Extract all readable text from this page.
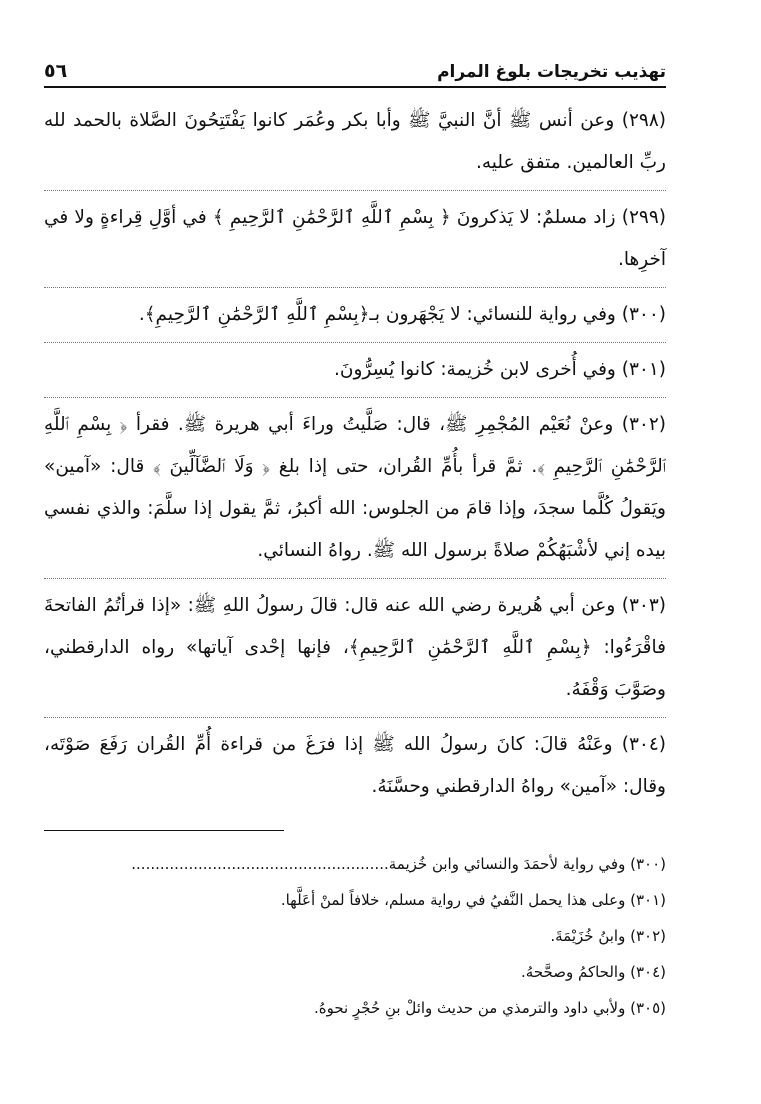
تهذيب تخريجات بلوغ المرام
٥٦

(٢٩٨) وعن أنس ﷺ أنَّ النبيَّ ﷺ وأبا بكر وعُمَر كانوا يَفْتَتِحُونَ الصَّلاة بالحمد لله ربِّ العالمين. متفق عليه.

(٢٩٩) زاد مسلمٌ: لا يَذكرونَ ﴿ بِسْمِ ٱللَّهِ ٱلرَّحْمَٰنِ ٱلرَّحِيمِ ﴾ في أوَّلِ قِراءةٍ ولا في آخرِها.

(٣٠٠) وفي رواية للنسائي: لا يَجْهَرون بـ﴿بِسْمِ ٱللَّهِ ٱلرَّحْمَٰنِ ٱلرَّحِيمِ﴾.

(٣٠١) وفي أُخرى لابن خُزيمة: كانوا يُسِرُّونَ.

(٣٠٢) وعنْ نُعَيْم المُجْمِرِ ﷺ، قال: صَلَّيتُ وراءَ أبي هريرة ﷺ. فقرأ ﴿ بِسْمِ ٱللَّهِ ٱلرَّحْمَٰنِ ٱلرَّحِيمِ ﴾. ثمَّ قرأ بأُمِّ القُران، حتى إذا بلغ ﴿ وَلَا ٱلضَّآلِّينَ ﴾ قال: «آمين» ويَقولُ كُلَّما سجدَ، وإذا قامَ من الجلوس: الله أكبرُ، ثمَّ يقول إذا سلَّمَ: والذي نفسي بيده إني لأشْبَهُكُمْ صلاةً برسول الله ﷺ. رواهُ النسائي.

(٣٠٣) وعن أبي هُريرة رضي الله عنه قال: قالَ رسولُ اللهِ ﷺ: «إذا قرأتُمُ الفاتحةَ فاقْرَءُوا: ﴿بِسْمِ ٱللَّهِ ٱلرَّحْمَٰنِ ٱلرَّحِيمِ﴾، فإنها إحْدى آياتها» رواه الدارقطني، وصَوَّبَ وَقْفَهُ.

(٣٠٤) وعَنْهُ قالَ: كانَ رسولُ الله ﷺ إذا فرَغَ من قراءة أُمِّ القُران رَفَعَ صَوْتَه، وقال: «آمين» رواهُ الدارقطني وحسَّنَهُ.

(٣٠٠) وفي رواية لأحمَدَ والنسائي وابن خُزيمة......................................................

(٣٠١) وعلى هذا يحمل النَّفيُ في رواية مسلم، خلافاً لمنْ أعَلَّها.

(٣٠٢) وابنُ خُزَيْمَةَ.

(٣٠٤) والحاكمُ وصحَّحهُ.

(٣٠٥) ولأبي داود والترمذي من حديث وائلْ بنِ حُجْرٍ نحوهُ.
